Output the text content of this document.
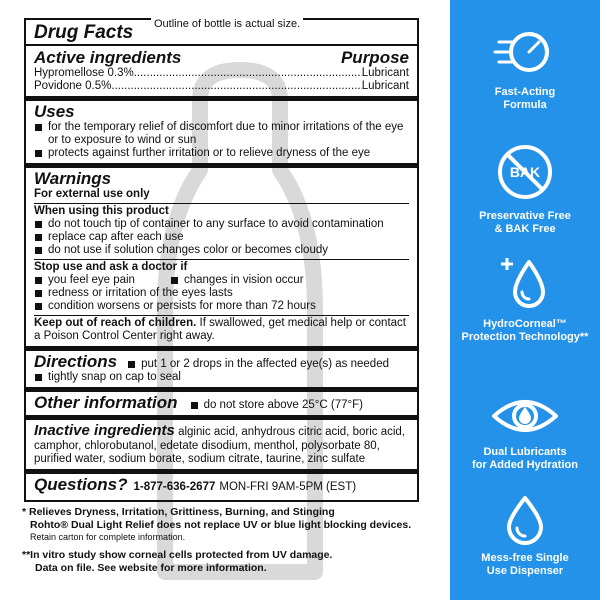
Drug Facts
Active ingredients	Purpose
Hypromellose 0.3% .....	Lubricant
Povidone 0.5% .....	Lubricant
Uses
for the temporary relief of discomfort due to minor irritations of the eye or to exposure to wind or sun
protects against further irritation or to relieve dryness of the eye
Warnings
For external use only
When using this product
do not touch tip of container to any surface to avoid contamination
replace cap after each use
do not use if solution changes color or becomes cloudy
Stop use and ask a doctor if
you feel eye pain	changes in vision occur
redness or irritation of the eyes lasts
condition worsens or persists for more than 72 hours
Keep out of reach of children. If swallowed, get medical help or contact a Poison Control Center right away.
Directions	put 1 or 2 drops in the affected eye(s) as needed
tightly snap on cap to seal
Other information	do not store above 25°C (77°F)
Inactive ingredients alginic acid, anhydrous citric acid, boric acid, camphor, chlorobutanol, edetate disodium, menthol, polysorbate 80, purified water, sodium borate, sodium citrate, taurine, zinc sulfate
Questions? 1-877-636-2677 MON-FRI 9AM-5PM (EST)
Outline of bottle is actual size.
* Relieves Dryness, Irritation, Grittiness, Burning, and Stinging
Rohto® Dual Light Relief does not replace UV or blue light blocking devices.
Retain carton for complete information.
**In vitro study show corneal cells protected from UV damage.
Data on file. See website for more information.
Fast-Acting
Formula
BAK
Preservative Free
& BAK Free
HydroCorneal™
Protection Technology**
Dual Lubricants
for Added Hydration
Mess-free Single
Use Dispenser
